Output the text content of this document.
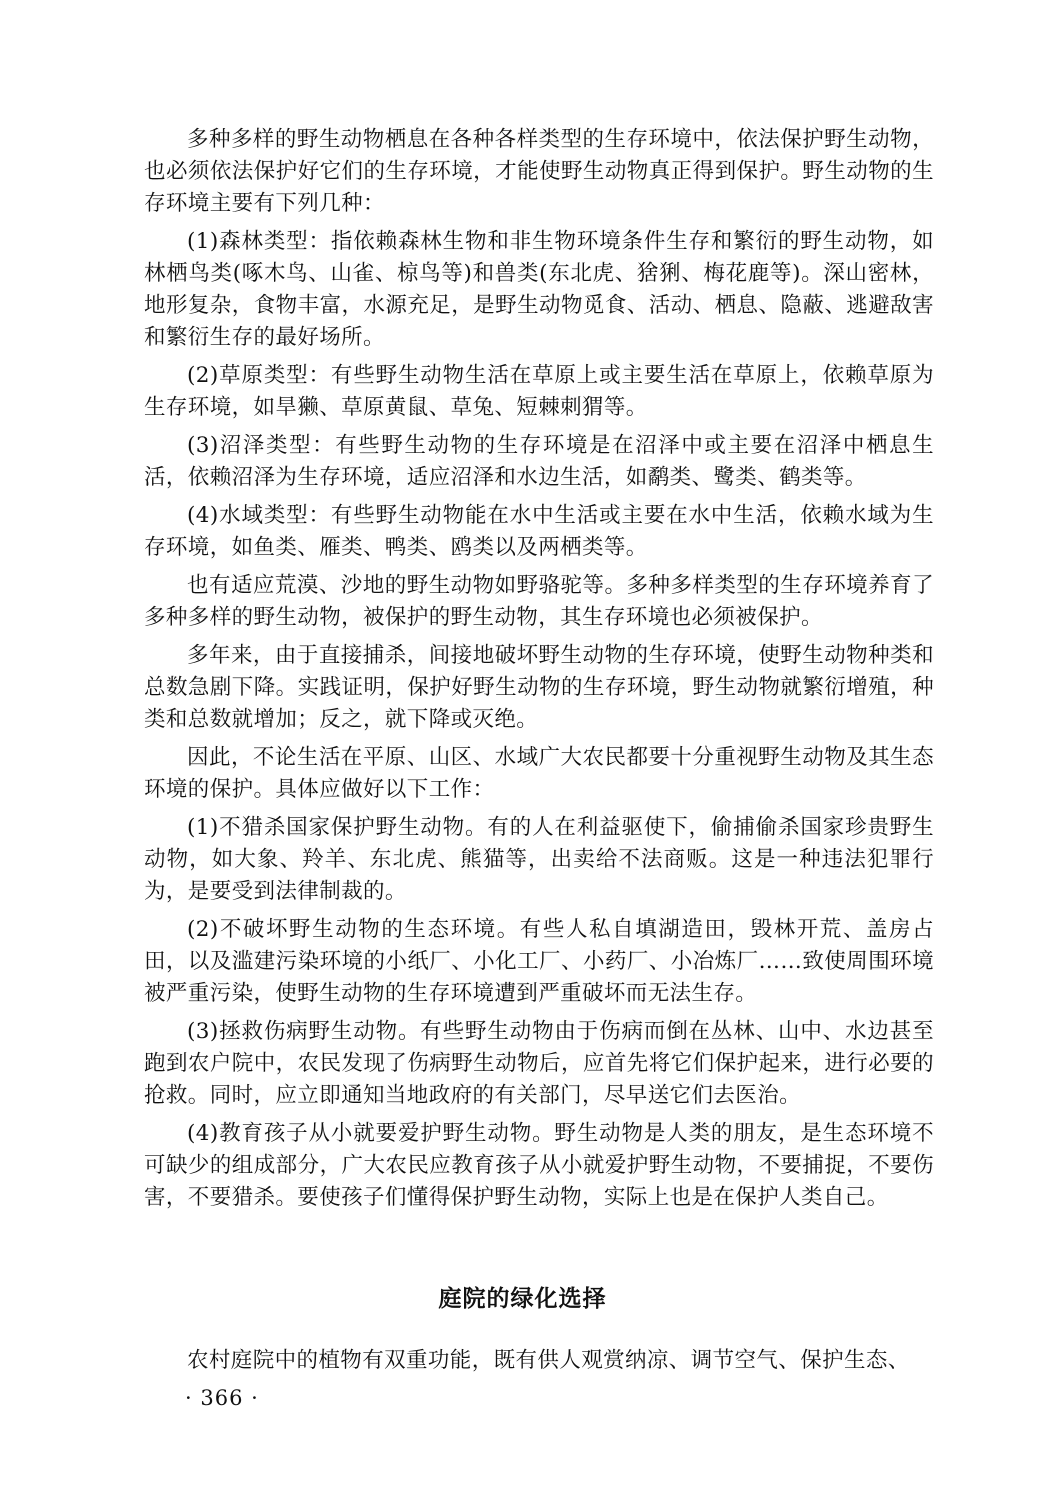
多种多样的野生动物栖息在各种各样类型的生存环境中，依法保护野生动物，也必须依法保护好它们的生存环境，才能使野生动物真正得到保护。野生动物的生存环境主要有下列几种：

(1)森林类型：指依赖森林生物和非生物环境条件生存和繁衍的野生动物，如林栖鸟类(啄木鸟、山雀、椋鸟等)和兽类(东北虎、猞猁、梅花鹿等)。深山密林，地形复杂，食物丰富，水源充足，是野生动物觅食、活动、栖息、隐蔽、逃避敌害和繁衍生存的最好场所。

(2)草原类型：有些野生动物生活在草原上或主要生活在草原上，依赖草原为生存环境，如旱獭、草原黄鼠、草兔、短棘刺猬等。

(3)沼泽类型：有些野生动物的生存环境是在沼泽中或主要在沼泽中栖息生活，依赖沼泽为生存环境，适应沼泽和水边生活，如鹬类、鹭类、鹤类等。

(4)水域类型：有些野生动物能在水中生活或主要在水中生活，依赖水域为生存环境，如鱼类、雁类、鸭类、鸥类以及两栖类等。

也有适应荒漠、沙地的野生动物如野骆驼等。多种多样类型的生存环境养育了多种多样的野生动物，被保护的野生动物，其生存环境也必须被保护。

多年来，由于直接捕杀，间接地破坏野生动物的生存环境，使野生动物种类和总数急剧下降。实践证明，保护好野生动物的生存环境，野生动物就繁衍增殖，种类和总数就增加；反之，就下降或灭绝。

因此，不论生活在平原、山区、水域广大农民都要十分重视野生动物及其生态环境的保护。具体应做好以下工作：

(1)不猎杀国家保护野生动物。有的人在利益驱使下，偷捕偷杀国家珍贵野生动物，如大象、羚羊、东北虎、熊猫等，出卖给不法商贩。这是一种违法犯罪行为，是要受到法律制裁的。

(2)不破坏野生动物的生态环境。有些人私自填湖造田，毁林开荒、盖房占田，以及滥建污染环境的小纸厂、小化工厂、小药厂、小冶炼厂……致使周围环境被严重污染，使野生动物的生存环境遭到严重破坏而无法生存。

(3)拯救伤病野生动物。有些野生动物由于伤病而倒在丛林、山中、水边甚至跑到农户院中，农民发现了伤病野生动物后，应首先将它们保护起来，进行必要的抢救。同时，应立即通知当地政府的有关部门，尽早送它们去医治。

(4)教育孩子从小就要爱护野生动物。野生动物是人类的朋友，是生态环境不可缺少的组成部分，广大农民应教育孩子从小就爱护野生动物，不要捕捉，不要伤害，不要猎杀。要使孩子们懂得保护野生动物，实际上也是在保护人类自己。

庭院的绿化选择

农村庭院中的植物有双重功能，既有供人观赏纳凉、调节空气、保护生态、

· 366 ·
